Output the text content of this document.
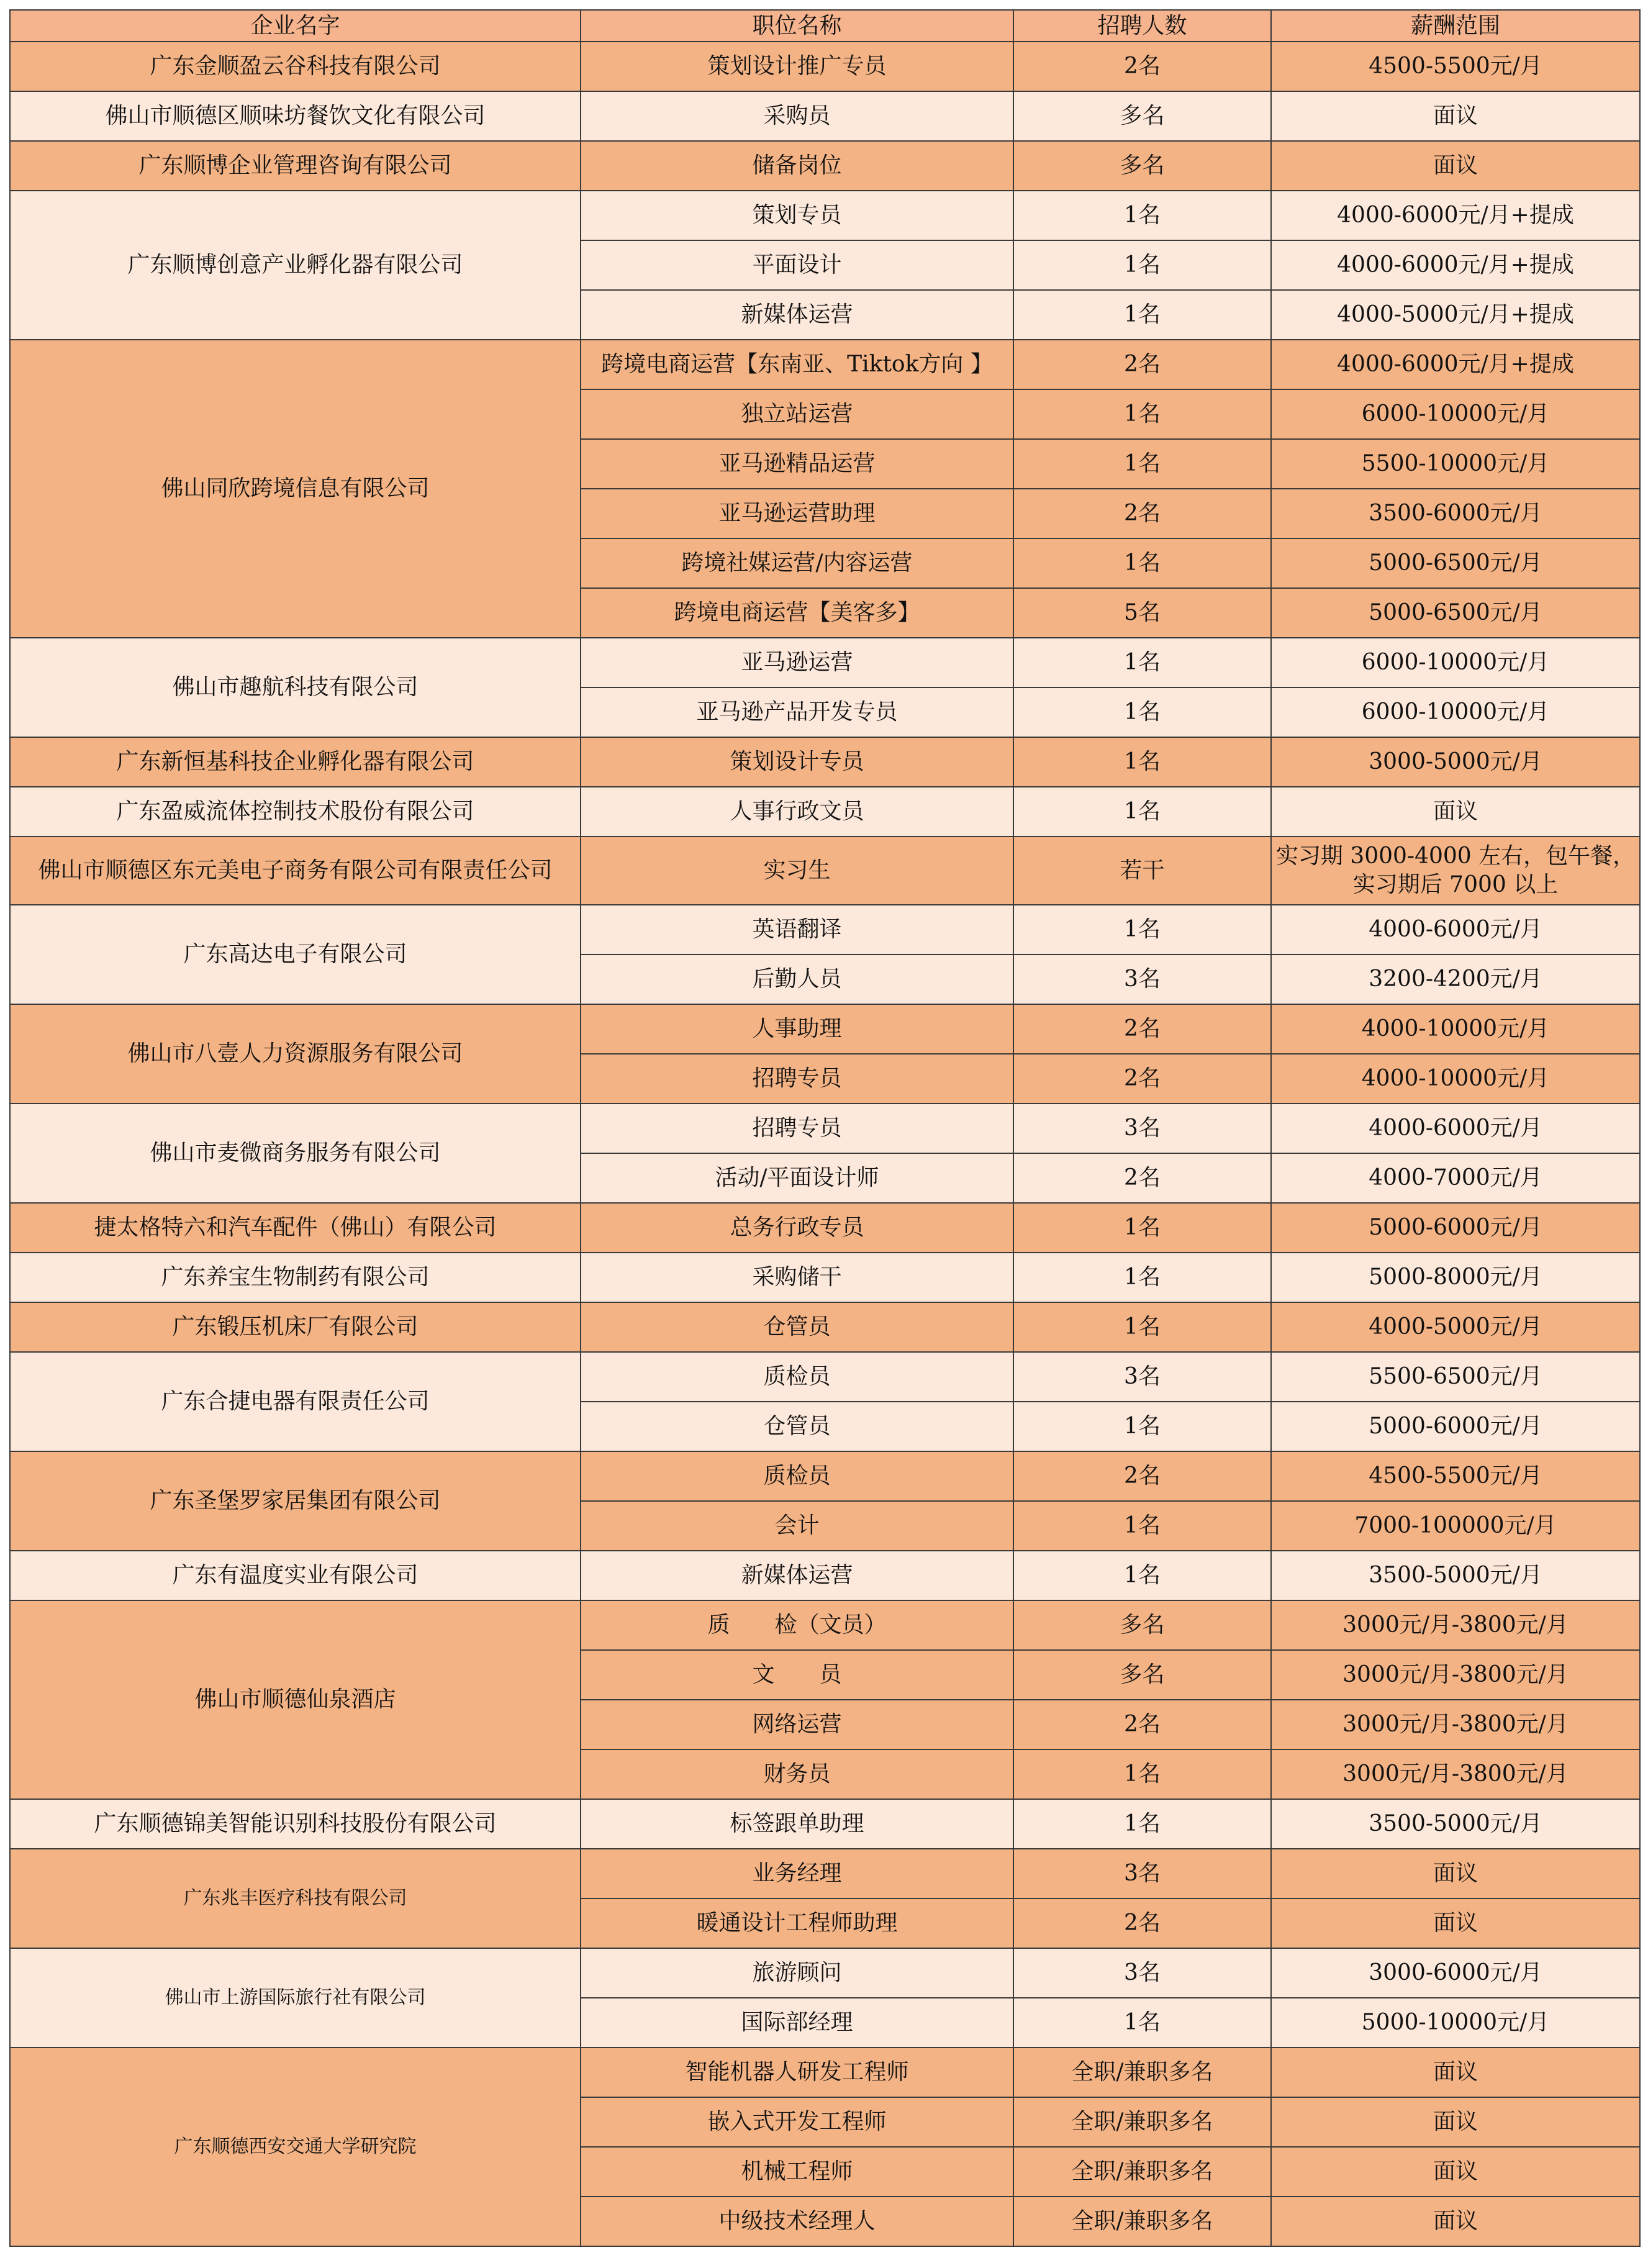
企业名字	职位名称	招聘人数	薪酬范围
广东金顺盈云谷科技有限公司	策划设计推广专员	2名	4500-5500元/月
佛山市顺德区顺味坊餐饮文化有限公司	采购员	多名	面议
广东顺博企业管理咨询有限公司	储备岗位	多名	面议
广东顺博创意产业孵化器有限公司	策划专员	1名	4000-6000元/月+提成
	平面设计	1名	4000-6000元/月+提成
	新媒体运营	1名	4000-5000元/月+提成
佛山同欣跨境信息有限公司	跨境电商运营【东南亚、Tiktok方向 】	2名	4000-6000元/月+提成
	独立站运营	1名	6000-10000元/月
	亚马逊精品运营	1名	5500-10000元/月
	亚马逊运营助理	2名	3500-6000元/月
	跨境社媒运营/内容运营	1名	5000-6500元/月
	跨境电商运营【美客多】	5名	5000-6500元/月
佛山市趣航科技有限公司	亚马逊运营	1名	6000-10000元/月
	亚马逊产品开发专员	1名	6000-10000元/月
广东新恒基科技企业孵化器有限公司	策划设计专员	1名	3000-5000元/月
广东盈威流体控制技术股份有限公司	人事行政文员	1名	面议
佛山市顺德区东元美电子商务有限公司有限责任公司	实习生	若干	实习期 3000-4000 左右，包午餐，实习期后 7000 以上
广东高达电子有限公司	英语翻译	1名	4000-6000元/月
	后勤人员	3名	3200-4200元/月
佛山市八壹人力资源服务有限公司	人事助理	2名	4000-10000元/月
	招聘专员	2名	4000-10000元/月
佛山市麦微商务服务有限公司	招聘专员	3名	4000-6000元/月
	活动/平面设计师	2名	4000-7000元/月
捷太格特六和汽车配件（佛山）有限公司	总务行政专员	1名	5000-6000元/月
广东养宝生物制药有限公司	采购储干	1名	5000-8000元/月
广东锻压机床厂有限公司	仓管员	1名	4000-5000元/月
广东合捷电器有限责任公司	质检员	3名	5500-6500元/月
	仓管员	1名	5000-6000元/月
广东圣堡罗家居集团有限公司	质检员	2名	4500-5500元/月
	会计	1名	7000-100000元/月
广东有温度实业有限公司	新媒体运营	1名	3500-5000元/月
佛山市顺德仙泉酒店	质　　检（文员）	多名	3000元/月-3800元/月
	文　　员	多名	3000元/月-3800元/月
	网络运营	2名	3000元/月-3800元/月
	财务员	1名	3000元/月-3800元/月
广东顺德锦美智能识别科技股份有限公司	标签跟单助理	1名	3500-5000元/月
广东兆丰医疗科技有限公司	业务经理	3名	面议
	暖通设计工程师助理	2名	面议
佛山市上游国际旅行社有限公司	旅游顾问	3名	3000-6000元/月
	国际部经理	1名	5000-10000元/月
广东顺德西安交通大学研究院	智能机器人研发工程师	全职/兼职多名	面议
	嵌入式开发工程师	全职/兼职多名	面议
	机械工程师	全职/兼职多名	面议
	中级技术经理人	全职/兼职多名	面议
